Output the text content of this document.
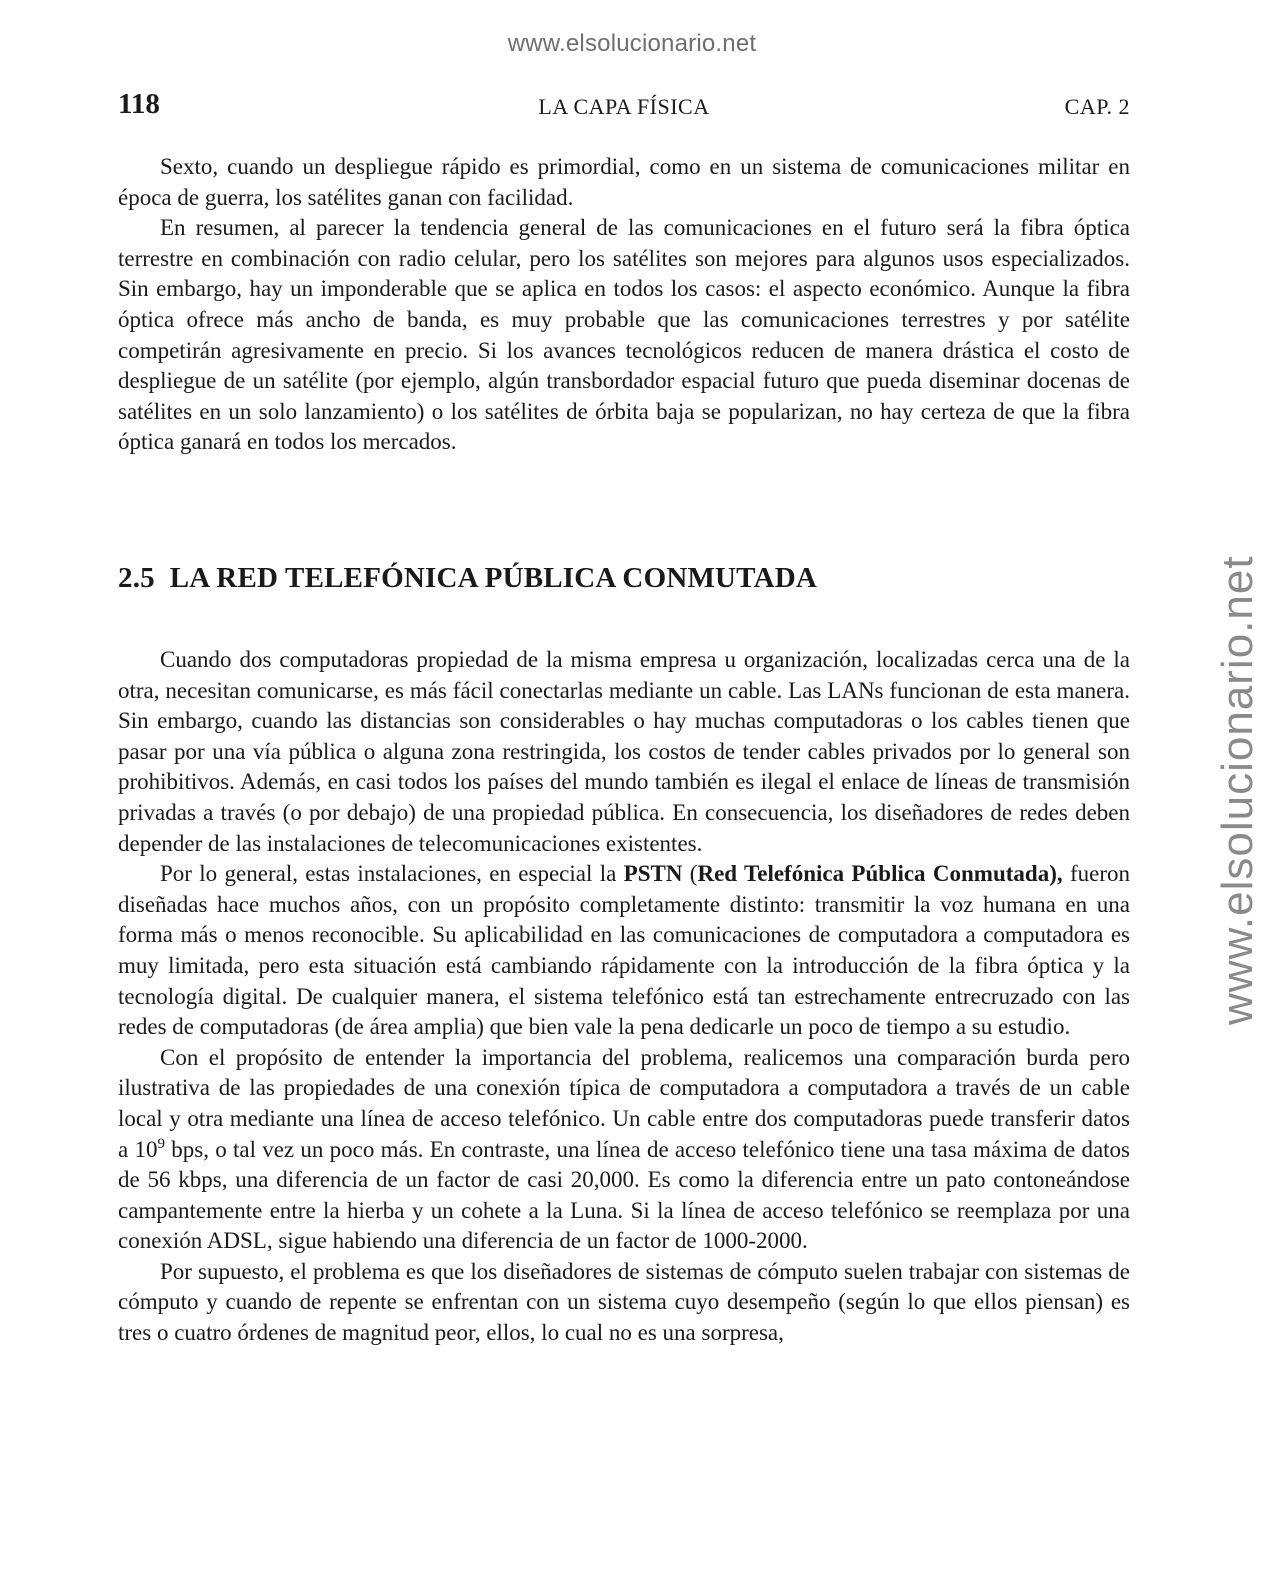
www.elsolucionario.net
www.elsolucionario.net
118	LA CAPA FÍSICA	CAP. 2

Sexto, cuando un despliegue rápido es primordial, como en un sistema de comunicaciones militar en época de guerra, los satélites ganan con facilidad.

En resumen, al parecer la tendencia general de las comunicaciones en el futuro será la fibra óptica terrestre en combinación con radio celular, pero los satélites son mejores para algunos usos especializados. Sin embargo, hay un imponderable que se aplica en todos los casos: el aspecto económico. Aunque la fibra óptica ofrece más ancho de banda, es muy probable que las comunicaciones terrestres y por satélite competirán agresivamente en precio. Si los avances tecnológicos reducen de manera drástica el costo de despliegue de un satélite (por ejemplo, algún transbordador espacial futuro que pueda diseminar docenas de satélites en un solo lanzamiento) o los satélites de órbita baja se popularizan, no hay certeza de que la fibra óptica ganará en todos los mercados.

2.5 LA RED TELEFÓNICA PÚBLICA CONMUTADA

Cuando dos computadoras propiedad de la misma empresa u organización, localizadas cerca una de la otra, necesitan comunicarse, es más fácil conectarlas mediante un cable. Las LANs funcionan de esta manera. Sin embargo, cuando las distancias son considerables o hay muchas computadoras o los cables tienen que pasar por una vía pública o alguna zona restringida, los costos de tender cables privados por lo general son prohibitivos. Además, en casi todos los países del mundo también es ilegal el enlace de líneas de transmisión privadas a través (o por debajo) de una propiedad pública. En consecuencia, los diseñadores de redes deben depender de las instalaciones de telecomunicaciones existentes.

Por lo general, estas instalaciones, en especial la PSTN (Red Telefónica Pública Conmutada), fueron diseñadas hace muchos años, con un propósito completamente distinto: transmitir la voz humana en una forma más o menos reconocible. Su aplicabilidad en las comunicaciones de computadora a computadora es muy limitada, pero esta situación está cambiando rápidamente con la introducción de la fibra óptica y la tecnología digital. De cualquier manera, el sistema telefónico está tan estrechamente entrecruzado con las redes de computadoras (de área amplia) que bien vale la pena dedicarle un poco de tiempo a su estudio.

Con el propósito de entender la importancia del problema, realicemos una comparación burda pero ilustrativa de las propiedades de una conexión típica de computadora a computadora a través de un cable local y otra mediante una línea de acceso telefónico. Un cable entre dos computadoras puede transferir datos a $10^9$ bps, o tal vez un poco más. En contraste, una línea de acceso telefónico tiene una tasa máxima de datos de 56 kbps, una diferencia de un factor de casi 20,000. Es como la diferencia entre un pato contoneándose campantemente entre la hierba y un cohete a la Luna. Si la línea de acceso telefónico se reemplaza por una conexión ADSL, sigue habiendo una diferencia de un factor de 1000-2000.

Por supuesto, el problema es que los diseñadores de sistemas de cómputo suelen trabajar con sistemas de cómputo y cuando de repente se enfrentan con un sistema cuyo desempeño (según lo que ellos piensan) es tres o cuatro órdenes de magnitud peor, ellos, lo cual no es una sorpresa,
